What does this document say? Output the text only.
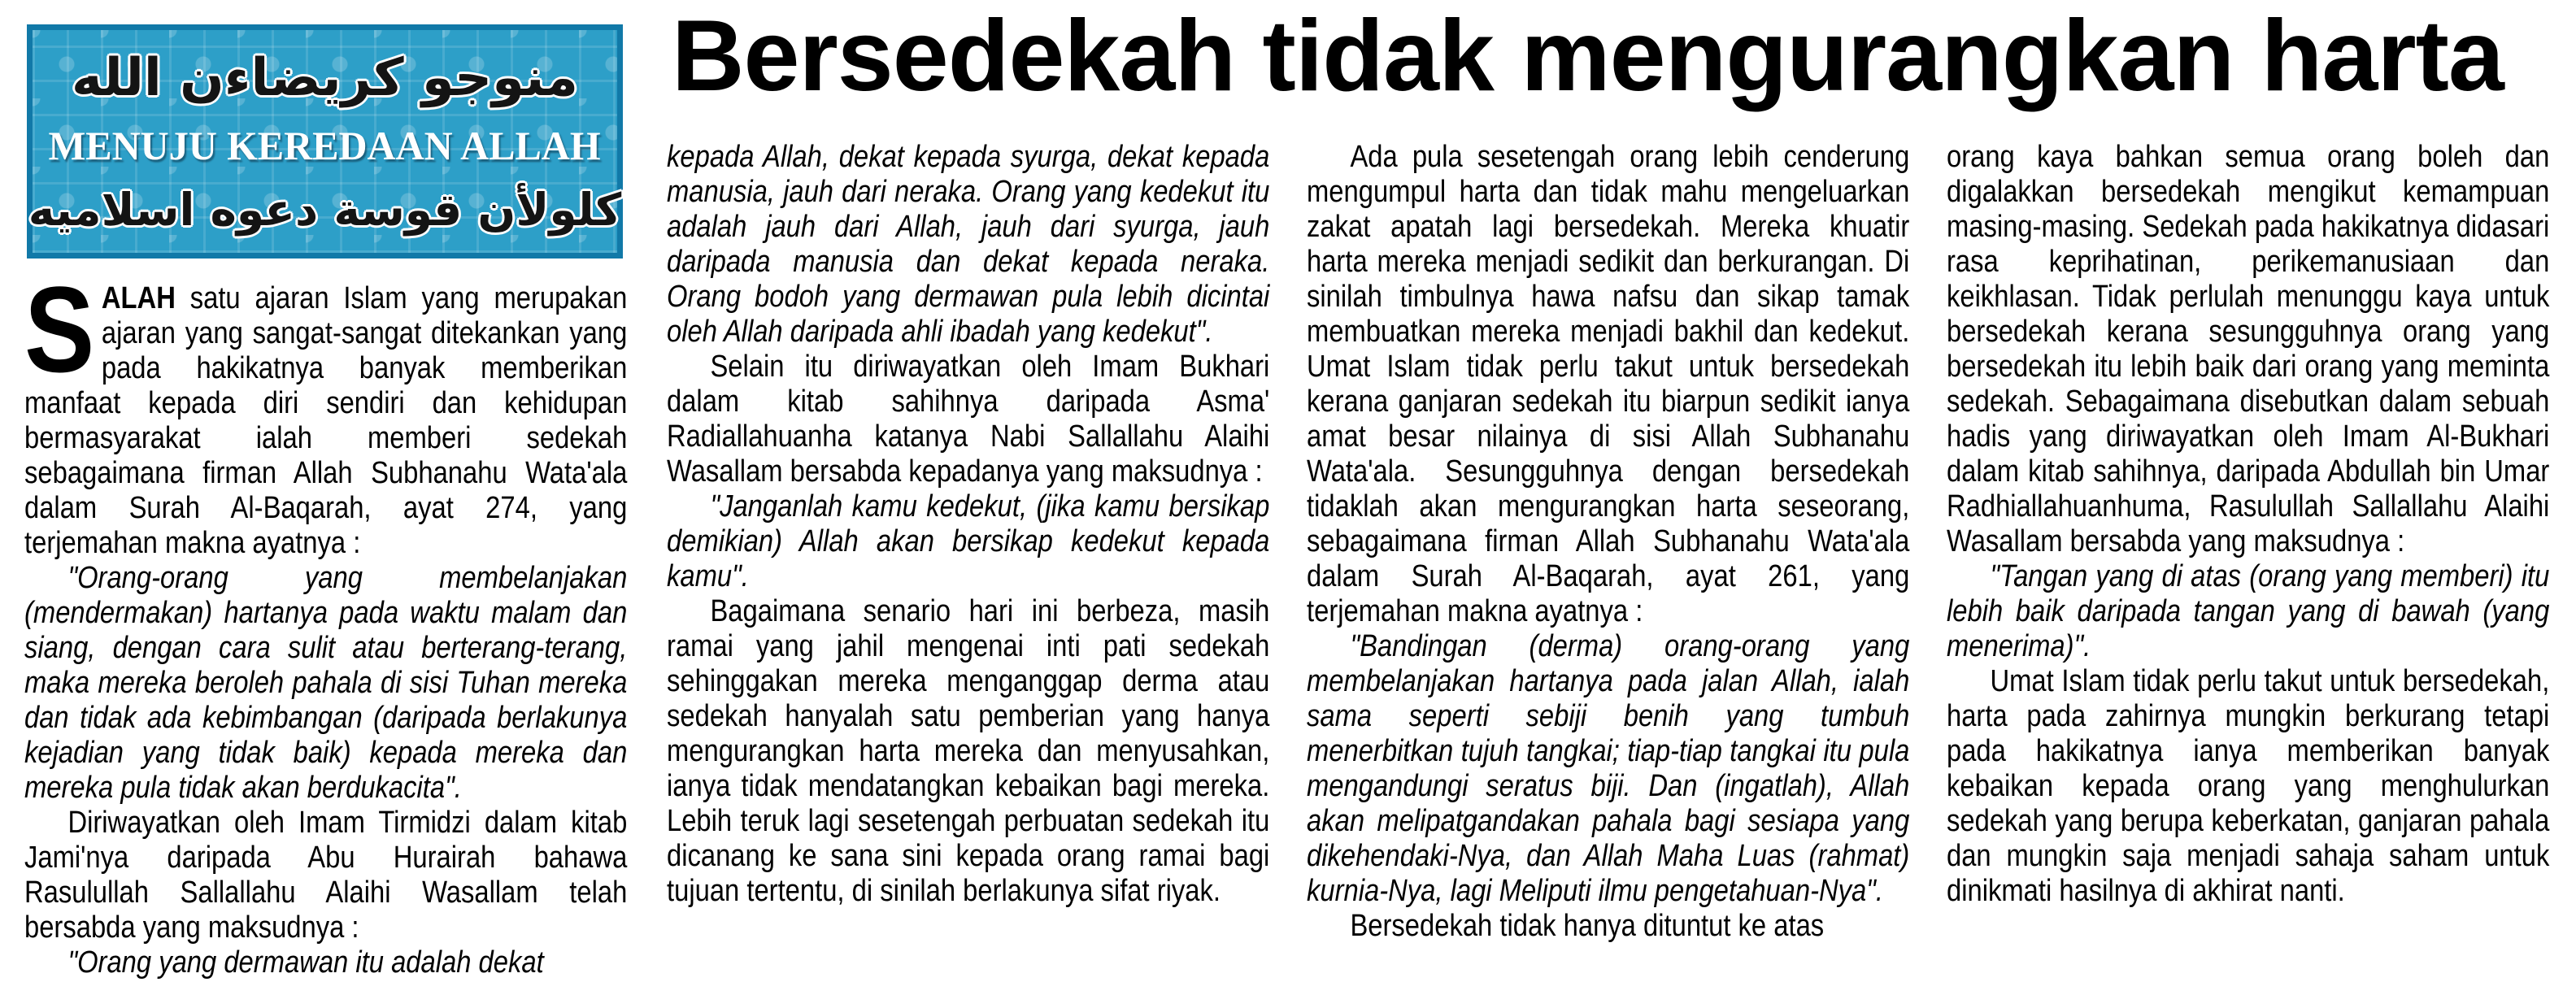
منوجو كريضاءن الله
MENUJU KEREDAAN ALLAH
كلولأن قوسة دعوه اسلاميه
Bersedekah tidak mengurangkan harta

SALAH satu ajaran Islam yang merupakan ajaran yang sangat-sangat ditekankan yang pada hakikatnya banyak memberikan manfaat kepada diri sendiri dan kehidupan bermasyarakat ialah memberi sedekah sebagaimana firman Allah Subhanahu Wata'ala dalam Surah Al-Baqarah, ayat 274, yang terjemahan makna ayatnya :

"Orang-orang yang membelanjakan (mendermakan) hartanya pada waktu malam dan siang, dengan cara sulit atau berterang-terang, maka mereka beroleh pahala di sisi Tuhan mereka dan tidak ada kebimbangan (daripada berlakunya kejadian yang tidak baik) kepada mereka dan mereka pula tidak akan berdukacita".

Diriwayatkan oleh Imam Tirmidzi dalam kitab Jami'nya daripada Abu Hurairah bahawa Rasulullah Sallallahu Alaihi Wasallam telah bersabda yang maksudnya :

"Orang yang dermawan itu adalah dekat

kepada Allah, dekat kepada syurga, dekat kepada manusia, jauh dari neraka. Orang yang kedekut itu adalah jauh dari Allah, jauh dari syurga, jauh daripada manusia dan dekat kepada neraka. Orang bodoh yang dermawan pula lebih dicintai oleh Allah daripada ahli ibadah yang kedekut".

Selain itu diriwayatkan oleh Imam Bukhari dalam kitab sahihnya daripada Asma' Radiallahuanha katanya Nabi Sallallahu Alaihi Wasallam bersabda kepadanya yang maksudnya :

"Janganlah kamu kedekut, (jika kamu bersikap demikian) Allah akan bersikap kedekut kepada kamu".

Bagaimana senario hari ini berbeza, masih ramai yang jahil mengenai inti pati sedekah sehinggakan mereka menganggap derma atau sedekah hanyalah satu pemberian yang hanya mengurangkan harta mereka dan menyusahkan, ianya tidak mendatangkan kebaikan bagi mereka. Lebih teruk lagi sesetengah perbuatan sedekah itu dicanang ke sana sini kepada orang ramai bagi tujuan tertentu, di sinilah berlakunya sifat riyak.

Ada pula sesetengah orang lebih cenderung mengumpul harta dan tidak mahu mengeluarkan zakat apatah lagi bersedekah. Mereka khuatir harta mereka menjadi sedikit dan berkurangan. Di sinilah timbulnya hawa nafsu dan sikap tamak membuatkan mereka menjadi bakhil dan kedekut. Umat Islam tidak perlu takut untuk bersedekah kerana ganjaran sedekah itu biarpun sedikit ianya amat besar nilainya di sisi Allah Subhanahu Wata'ala. Sesungguhnya dengan bersedekah tidaklah akan mengurangkan harta seseorang, sebagaimana firman Allah Subhanahu Wata'ala dalam Surah Al-Baqarah, ayat 261, yang terjemahan makna ayatnya :

"Bandingan (derma) orang-orang yang membelanjakan hartanya pada jalan Allah, ialah sama seperti sebiji benih yang tumbuh menerbitkan tujuh tangkai; tiap-tiap tangkai itu pula mengandungi seratus biji. Dan (ingatlah), Allah akan melipatgandakan pahala bagi sesiapa yang dikehendaki-Nya, dan Allah Maha Luas (rahmat) kurnia-Nya, lagi Meliputi ilmu pengetahuan-Nya".

Bersedekah tidak hanya dituntut ke atas

orang kaya bahkan semua orang boleh dan digalakkan bersedekah mengikut kemampuan masing-masing. Sedekah pada hakikatnya didasari rasa keprihatinan, perikemanusiaan dan keikhlasan. Tidak perlulah menunggu kaya untuk bersedekah kerana sesungguhnya orang yang bersedekah itu lebih baik dari orang yang meminta sedekah. Sebagaimana disebutkan dalam sebuah hadis yang diriwayatkan oleh Imam Al-Bukhari dalam kitab sahihnya, daripada Abdullah bin Umar Radhiallahuanhuma, Rasulullah Sallallahu Alaihi Wasallam bersabda yang maksudnya :

"Tangan yang di atas (orang yang memberi) itu lebih baik daripada tangan yang di bawah (yang menerima)".

Umat Islam tidak perlu takut untuk bersedekah, harta pada zahirnya mungkin berkurang tetapi pada hakikatnya ianya memberikan banyak kebaikan kepada orang yang menghulurkan sedekah yang berupa keberkatan, ganjaran pahala dan mungkin saja menjadi sahaja saham untuk dinikmati hasilnya di akhirat nanti.
